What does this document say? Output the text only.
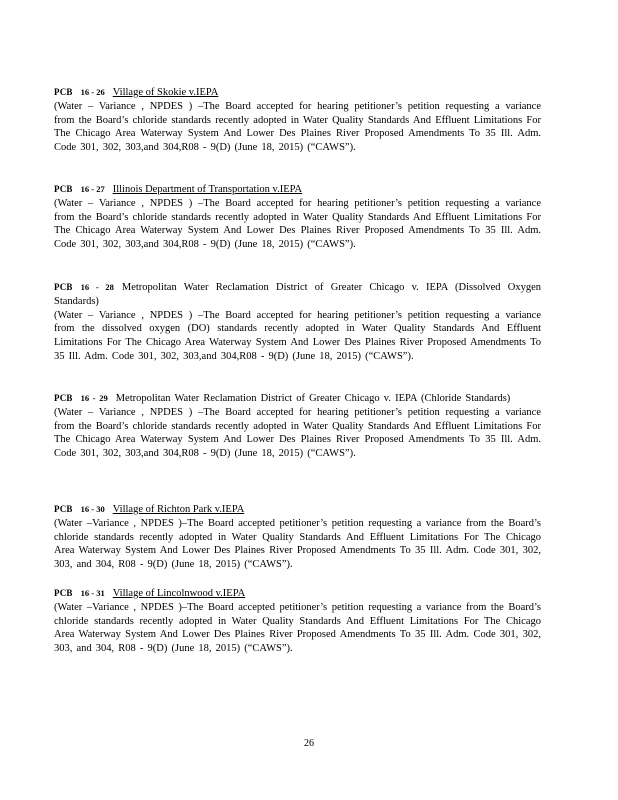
PCB 16 - 26 Village of Skokie v.IEPA
(Water – Variance , NPDES ) –The Board accepted for hearing petitioner’s petition requesting a variance from the Board’s chloride standards recently adopted in Water Quality Standards And Effluent Limitations For The Chicago Area Waterway System And Lower Des Plaines River Proposed Amendments To 35 Ill. Adm. Code 301, 302, 303,and 304,R08 - 9(D) (June 18, 2015) (“CAWS”).
PCB 16 - 27 Illinois Department of Transportation v.IEPA
(Water – Variance , NPDES ) –The Board accepted for hearing petitioner’s petition requesting a variance from the Board’s chloride standards recently adopted in Water Quality Standards And Effluent Limitations For The Chicago Area Waterway System And Lower Des Plaines River Proposed Amendments To 35 Ill. Adm. Code 301, 302, 303,and 304,R08 - 9(D) (June 18, 2015) (“CAWS”).
PCB 16 - 28 Metropolitan Water Reclamation District of Greater Chicago v. IEPA (Dissolved Oxygen Standards)
(Water – Variance , NPDES ) –The Board accepted for hearing petitioner’s petition requesting a variance from the dissolved oxygen (DO) standards recently adopted in Water Quality Standards And Effluent Limitations For The Chicago Area Waterway System And Lower Des Plaines River Proposed Amendments To 35 Ill. Adm. Code 301, 302, 303,and 304,R08 - 9(D) (June 18, 2015) (“CAWS”).
PCB 16 - 29 Metropolitan Water Reclamation District of Greater Chicago v. IEPA (Chloride Standards)
(Water – Variance , NPDES ) –The Board accepted for hearing petitioner’s petition requesting a variance from the Board’s chloride standards recently adopted in Water Quality Standards And Effluent Limitations For The Chicago Area Waterway System And Lower Des Plaines River Proposed Amendments To 35 Ill. Adm. Code 301, 302, 303,and 304,R08 - 9(D) (June 18, 2015) (“CAWS”).
PCB 16 - 30 Village of Richton Park v.IEPA
(Water –Variance , NPDES )–The Board accepted petitioner’s petition requesting a variance from the Board’s chloride standards recently adopted in Water Quality Standards And Effluent Limitations For The Chicago Area Waterway System And Lower Des Plaines River Proposed Amendments To 35 Ill. Adm. Code 301, 302, 303, and 304, R08 - 9(D) (June 18, 2015) (“CAWS”).
PCB 16 - 31 Village of Lincolnwood v.IEPA
(Water –Variance , NPDES )–The Board accepted petitioner’s petition requesting a variance from the Board’s chloride standards recently adopted in Water Quality Standards And Effluent Limitations For The Chicago Area Waterway System And Lower Des Plaines River Proposed Amendments To 35 Ill. Adm. Code 301, 302, 303, and 304, R08 - 9(D) (June 18, 2015) (“CAWS”).
26
